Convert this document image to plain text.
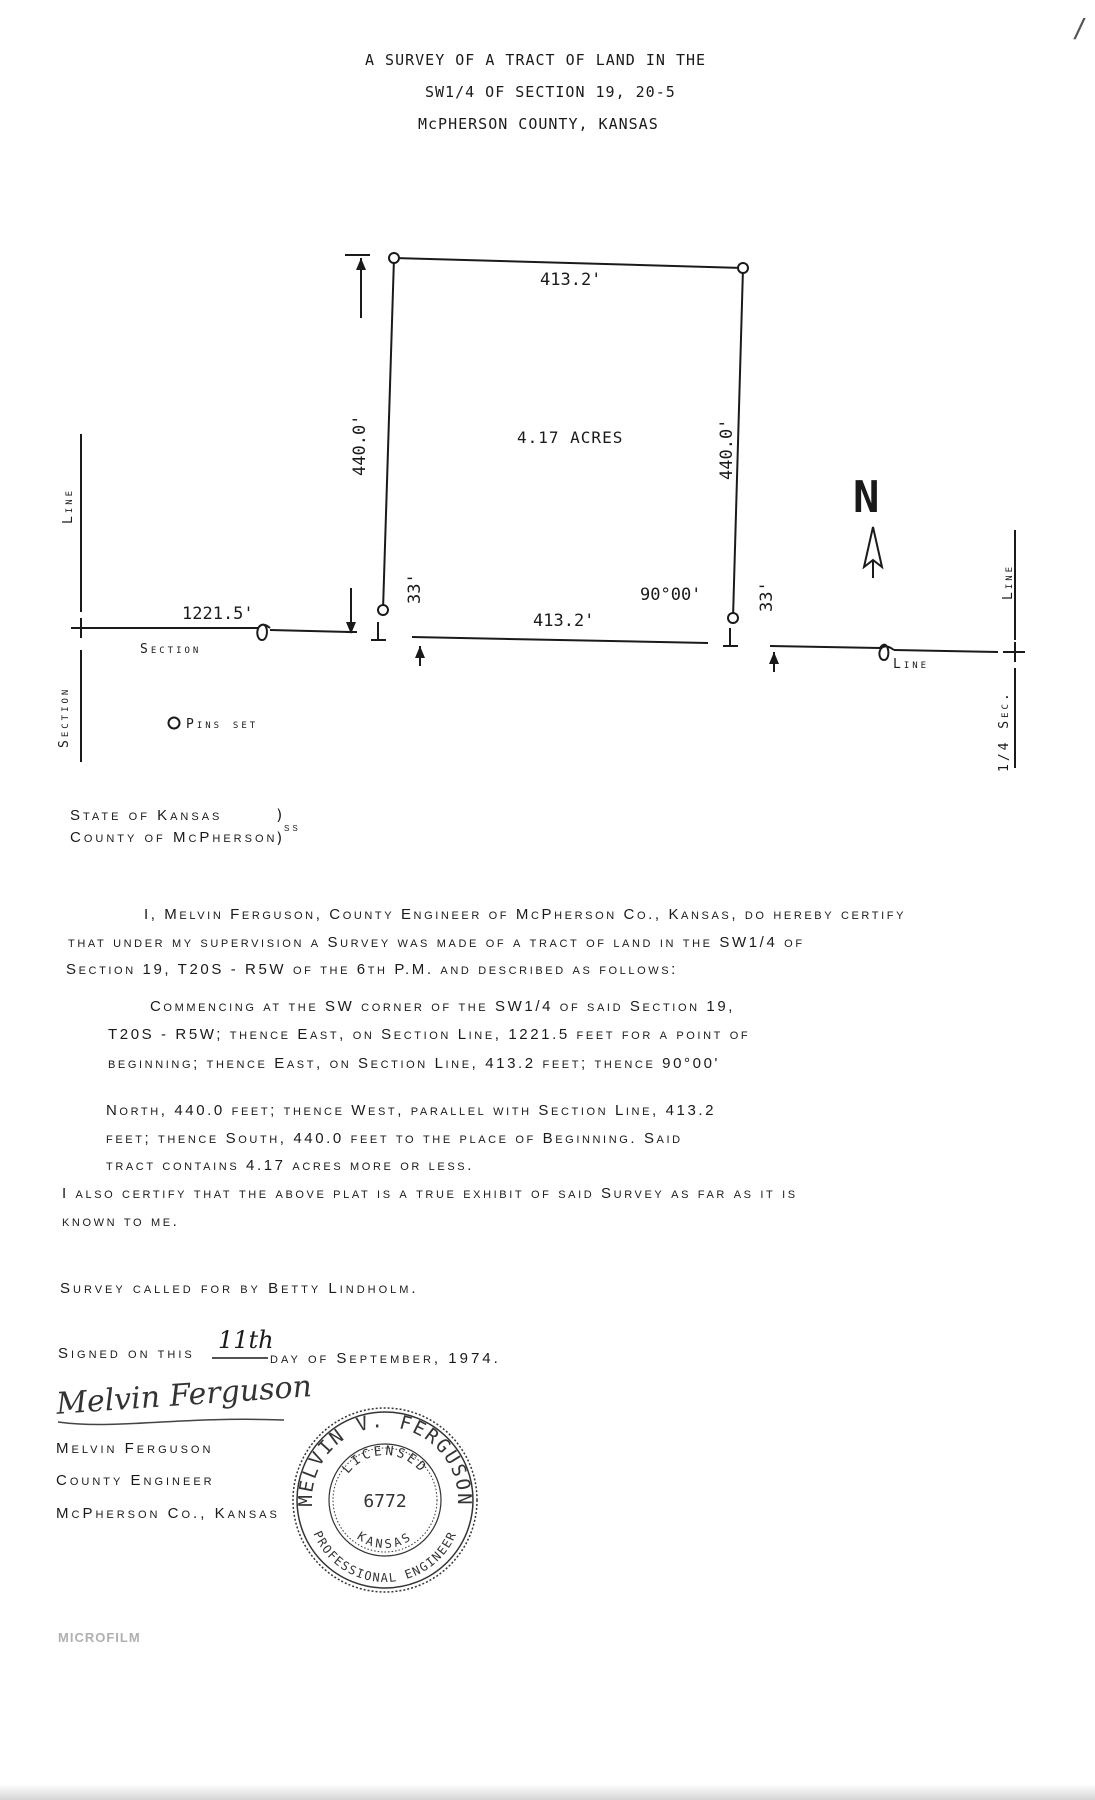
/
A SURVEY OF A TRACT OF LAND IN THE
SW1/4 OF SECTION 19, 20-5
McPHERSON COUNTY, KANSAS
N
413.2'
413.2'
4.17 ACRES
90°00'
1221.5'
440.0'	440.0'
33'	33'
Section
Section
Line
Line
Line
1/4 Sec.
Pins set
State of Kansas
County of McPherson
)
)
ss
I, Melvin Ferguson, County Engineer of McPherson Co., Kansas, do hereby certify
that under my supervision a Survey was made of a tract of land in the SW1/4 of
Section 19, T20S - R5W of the 6th P.M. and described as follows:
Commencing at the SW corner of the SW1/4 of said Section 19,
T20S - R5W; thence East, on Section Line, 1221.5 feet for a point of
beginning; thence East, on Section Line, 413.2 feet; thence 90°00'
North, 440.0 feet; thence West, parallel with Section Line, 413.2
feet; thence South, 440.0 feet to the place of Beginning. Said
tract contains 4.17 acres more or less.
I also certify that the above plat is a true exhibit of said Survey as far as it is
known to me.
Survey called for by Betty Lindholm.
Signed on this 11th
day of September, 1974.
Melvin Ferguson
Melvin Ferguson
County Engineer
McPherson Co., Kansas
MELVIN V. FERGUSON
PROFESSIONAL ENGINEER
LICENSED
KANSAS
6772
MICROFILM
